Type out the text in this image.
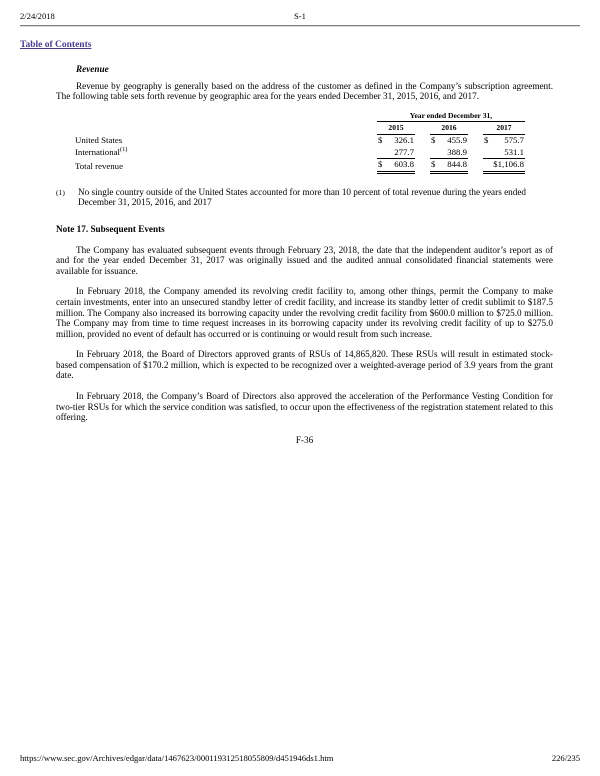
2/24/2018	S-1
Table of Contents
Revenue

Revenue by geography is generally based on the address of the customer as defined in the Company’s subscription agreement. The following table sets forth revenue by geographic area for the years ended December 31, 2015, 2016, and 2017.

	Year ended December 31,				
	2015		2016		2017
United States	$ 326.1		$ 455.9		$ 575.7

International$^{(1)}$	277.7		388.9		531.1

Total revenue	$ 603.8		$ 844.8		$1,106.8
(1)	No single country outside of the United States accounted for more than 10 percent of total revenue during the years ended December 31, 2015, 2016, and 2017
Note 17. Subsequent Events

The Company has evaluated subsequent events through February 23, 2018, the date that the independent auditor’s report as of and for the year ended December 31, 2017 was originally issued and the audited annual consolidated financial statements were available for issuance.

In February 2018, the Company amended its revolving credit facility to, among other things, permit the Company to make certain investments, enter into an unsecured standby letter of credit facility, and increase its standby letter of credit sublimit to $187.5 million. The Company also increased its borrowing capacity under the revolving credit facility from $600.0 million to $725.0 million. The Company may from time to time request increases in its borrowing capacity under its revolving credit facility of up to $275.0 million, provided no event of default has occurred or is continuing or would result from such increase.

In February 2018, the Board of Directors approved grants of RSUs of 14,865,820. These RSUs will result in estimated stock-based compensation of $170.2 million, which is expected to be recognized over a weighted-average period of 3.9 years from the grant date.

In February 2018, the Company’s Board of Directors also approved the acceleration of the Performance Vesting Condition for two-tier RSUs for which the service condition was satisfied, to occur upon the effectiveness of the registration statement related to this offering.

F-36
https://www.sec.gov/Archives/edgar/data/1467623/000119312518055809/d451946ds1.htm	226/235
